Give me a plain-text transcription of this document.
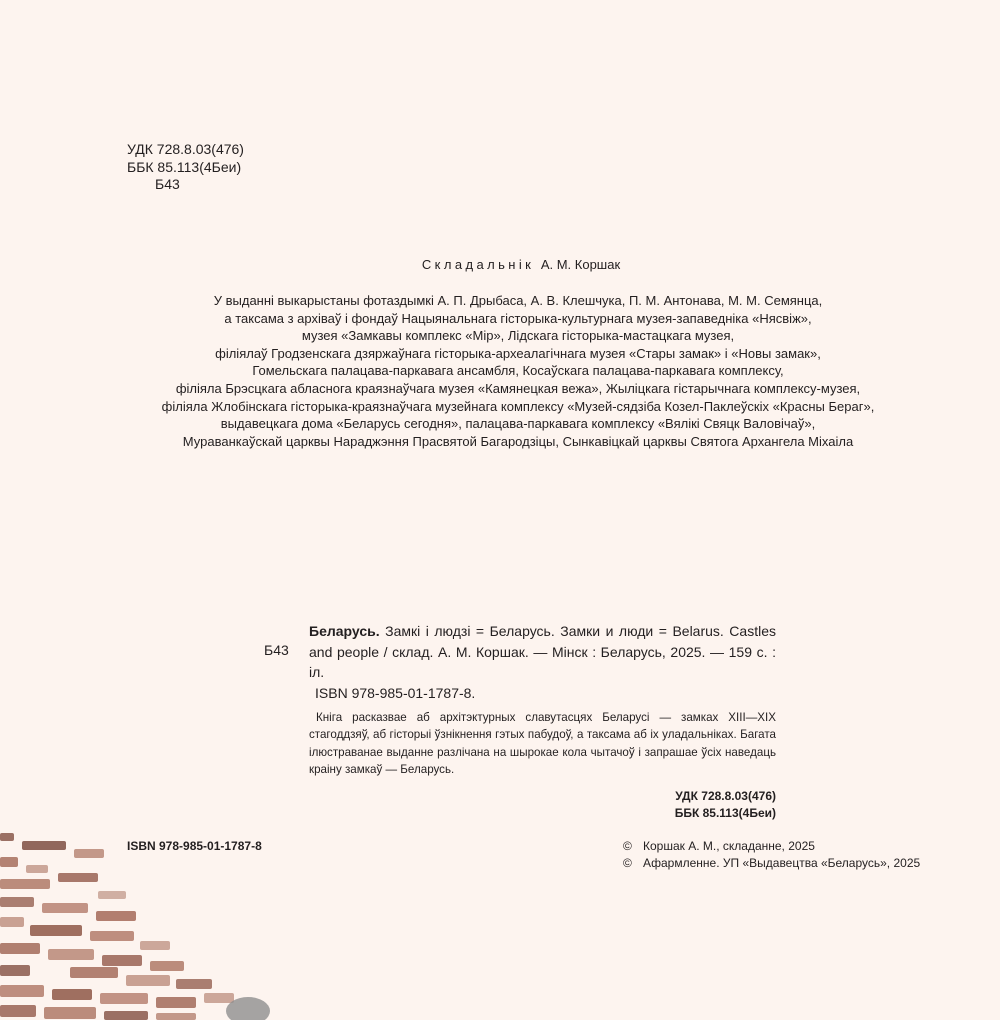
УДК 728.8.03(476)
ББК 85.113(4Беи)
Б43
Складальнік А. М. Коршак
У выданні выкарыстаны фотаздымкі А. П. Дрыбаса, А. В. Клешчука, П. М. Антонава, М. М. Семянца,
а таксама з архіваў і фондаў Нацыянальнага гісторыка-культурнага музея-запаведніка «Нясвіж»,
музея «Замкавы комплекс «Мір», Лідскага гісторыка-мастацкага музея,
філіялаў Гродзенскага дзяржаўнага гісторыка-археалагічнага музея «Стары замак» і «Новы замак»,
Гомельскага палацава-паркавага ансамбля, Косаўскага палацава-паркавага комплексу,
філіяла Брэсцкага абласнога краязнаўчага музея «Камянецкая вежа», Жыліцкага гістарычнага комплексу-музея,
філіяла Жлобінскага гісторыка-краязнаўчага музейнага комплексу «Музей-сядзіба Козел-Паклеўскіх «Красны Бераг»,
выдавецкага дома «Беларусь сегодня», палацава-паркавага комплексу «Вялікі Свяцк Валовічаў»,
Мураванкаўскай царквы Нараджэння Прасвятой Багародзіцы, Сынкавіцкай царквы Святога Архангела Міхаіла
Б43

Беларусь. Замкі і людзі = Беларусь. Замки и люди = Belarus. Castles and people / склад. А. М. Коршак. — Мінск : Беларусь, 2025. — 159 с. : іл.

ISBN 978-985-01-1787-8.

Кніга расказвае аб архітэктурных славутасцях Беларусі — замках XIII—XIX стагоддзяў, аб гісторыі ўзнікнення гэтых пабудоў, а таксама аб іх уладальніках. Багата ілюстраванае выданне разлічана на шырокае кола чытачоў і запрашае ўсіх наведаць краіну замкаў — Беларусь.

УДК 728.8.03(476)
ББК 85.113(4Беи)
ISBN 978-985-01-1787-8	© Коршак А. М., складанне, 2025
© Афармленне. УП «Выдавецтва «Беларусь», 2025
